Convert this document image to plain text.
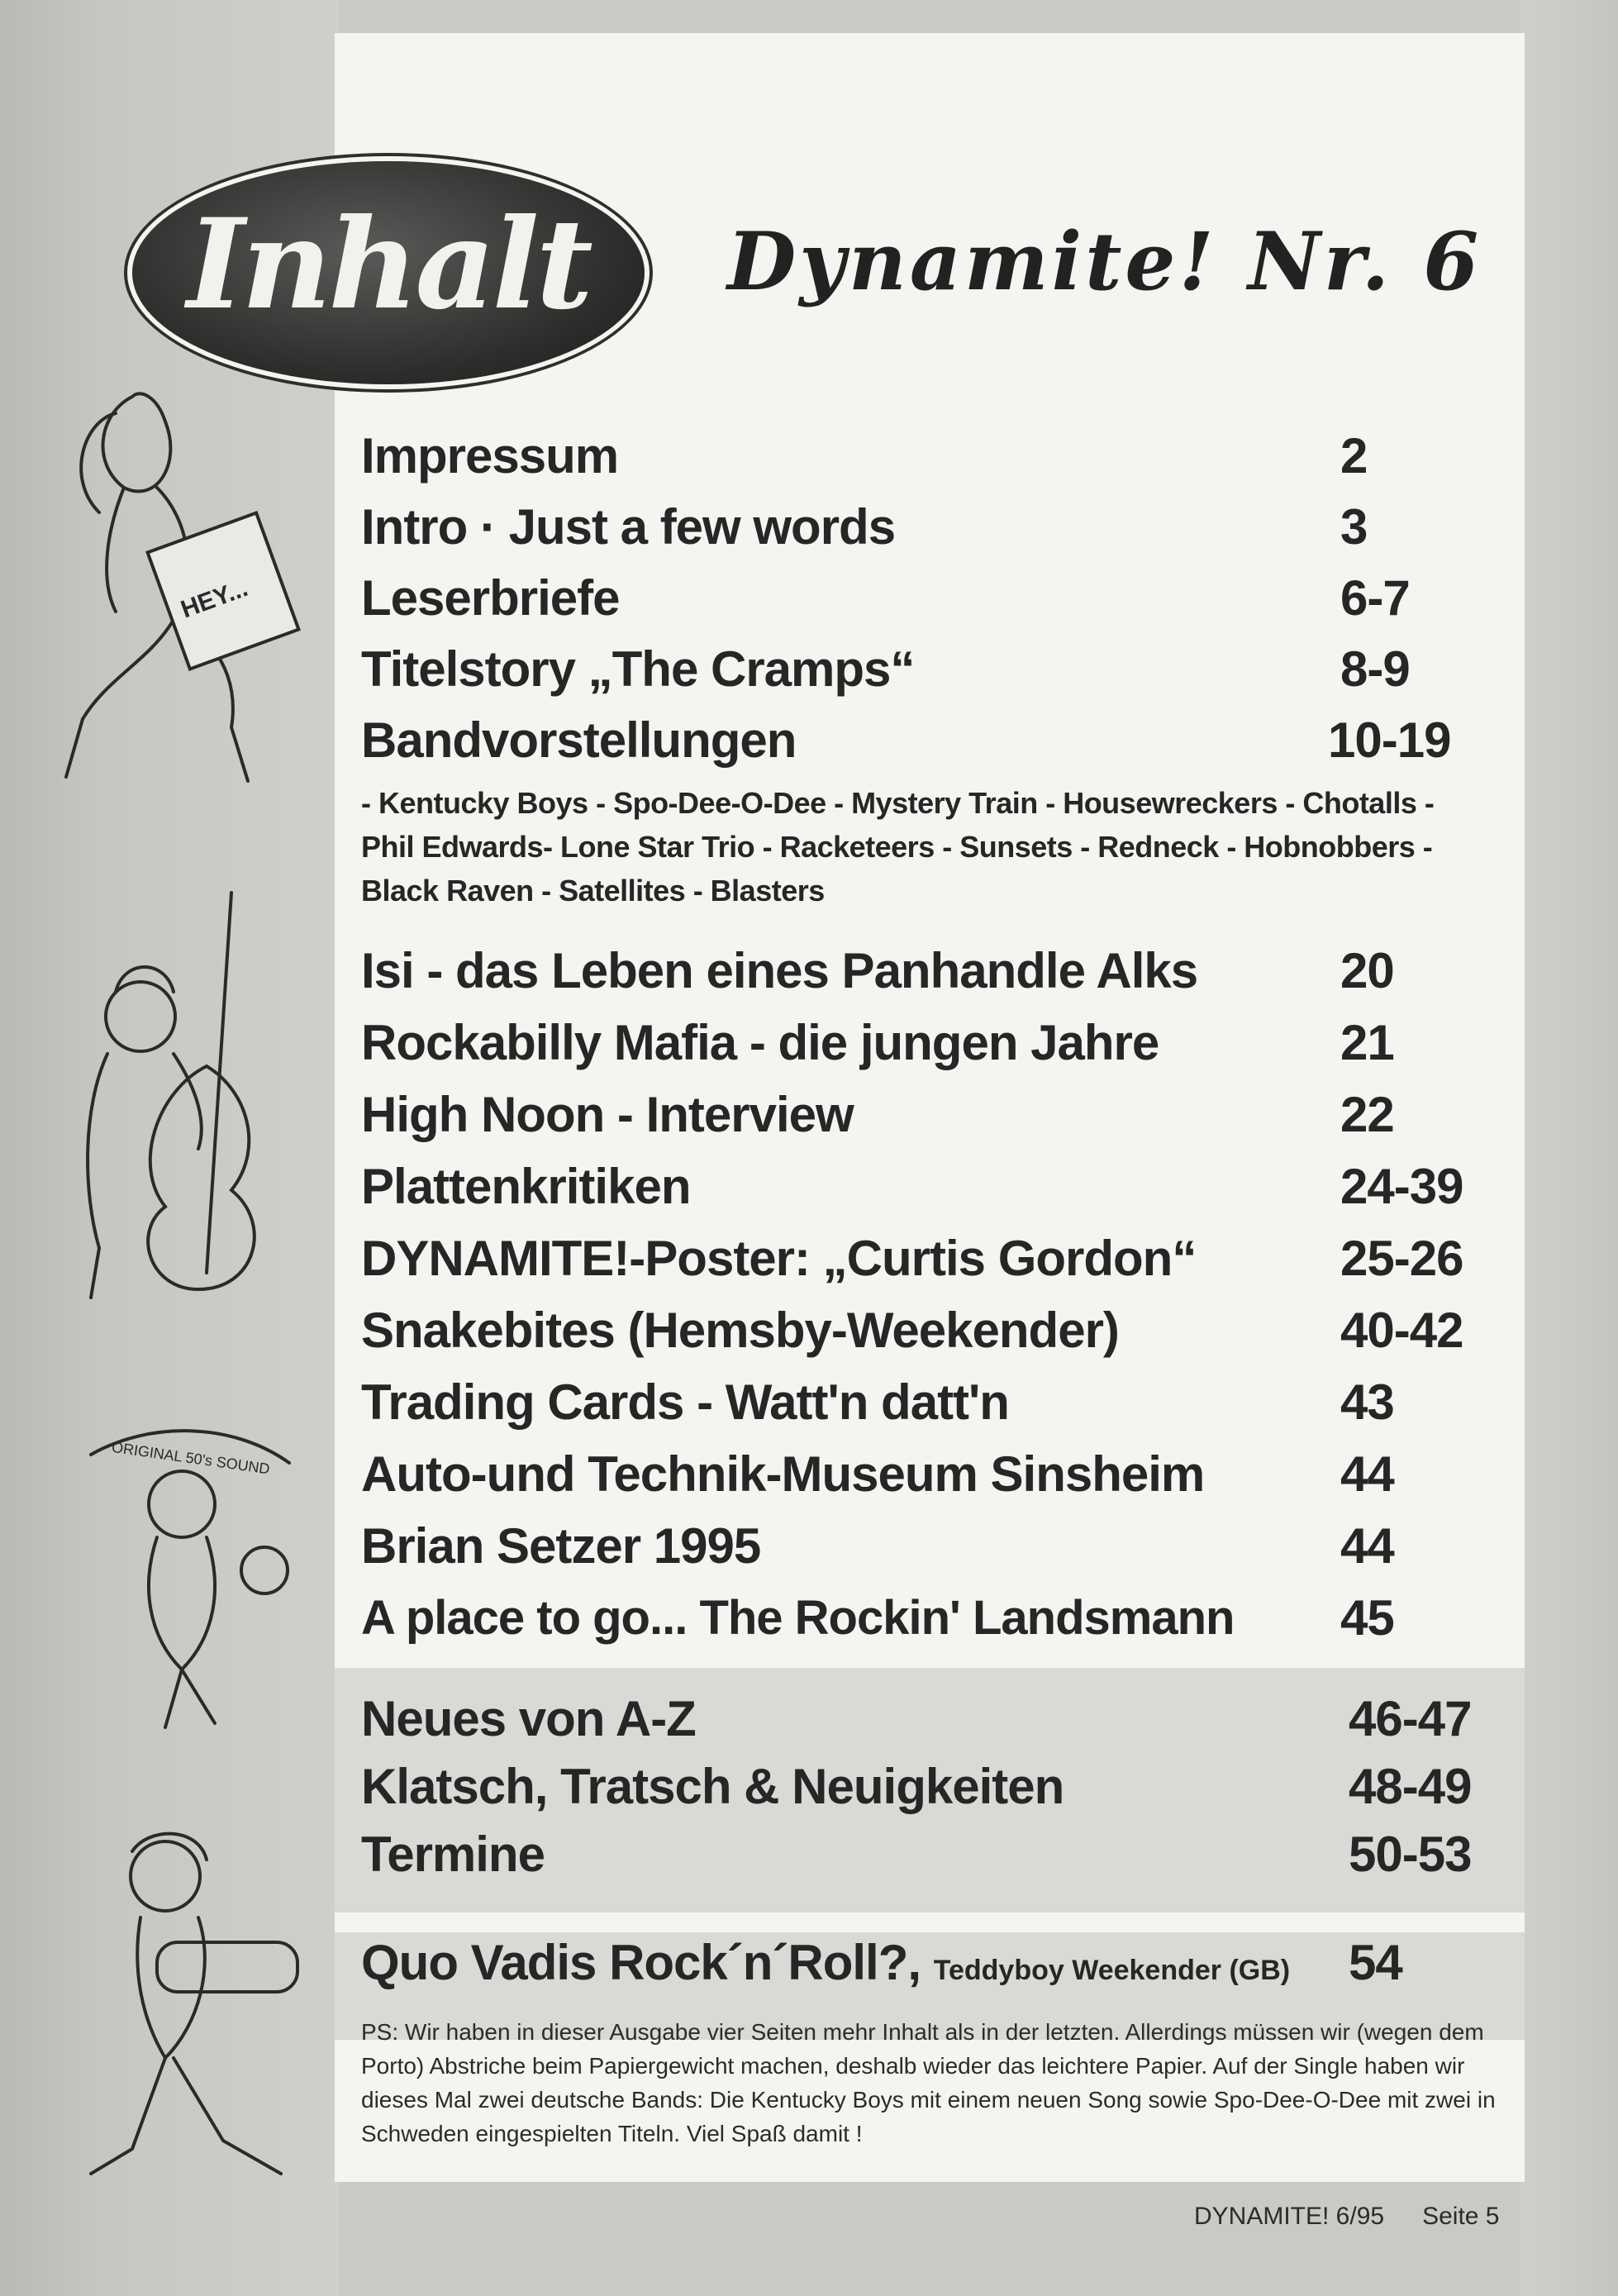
HEY...
ORIGINAL 50's SOUND
Inhalt Dynamite! Nr. 6
Impressum	2
Intro · Just a few words	3
Leserbriefe	6-7
Titelstory „The Cramps“	8-9
Bandvorstellungen	10-19
- Kentucky Boys - Spo-Dee-O-Dee - Mystery Train - Housewreckers - Chotalls -
Phil Edwards- Lone Star Trio - Racketeers - Sunsets - Redneck - Hobnobbers -
Black Raven - Satellites - Blasters
Isi - das Leben eines Panhandle Alks	20
Rockabilly Mafia - die jungen Jahre	21
High Noon - Interview	22
Plattenkritiken	24-39
DYNAMITE!-Poster: „Curtis Gordon“	25-26
Snakebites (Hemsby-Weekender)	40-42
Trading Cards - Watt'n datt'n	43
Auto-und Technik-Museum Sinsheim	44
Brian Setzer 1995	44
A place to go... The Rockin' Landsmann 45
Neues von A-Z	46-47
Klatsch, Tratsch & Neuigkeiten	48-49
Termine	50-53
Quo Vadis Rock´n´Roll?, Teddyboy Weekender (GB) 54
PS: Wir haben in dieser Ausgabe vier Seiten mehr Inhalt als in der letzten. Allerdings müssen wir (wegen dem Porto) Abstriche beim Papiergewicht machen, deshalb wieder das leichtere Papier. Auf der Single haben wir dieses Mal zwei deutsche Bands: Die Kentucky Boys mit einem neuen Song sowie Spo-Dee-O-Dee mit zwei in Schweden eingespielten Titeln. Viel Spaß damit !
DYNAMITE! 6/95 Seite 5
